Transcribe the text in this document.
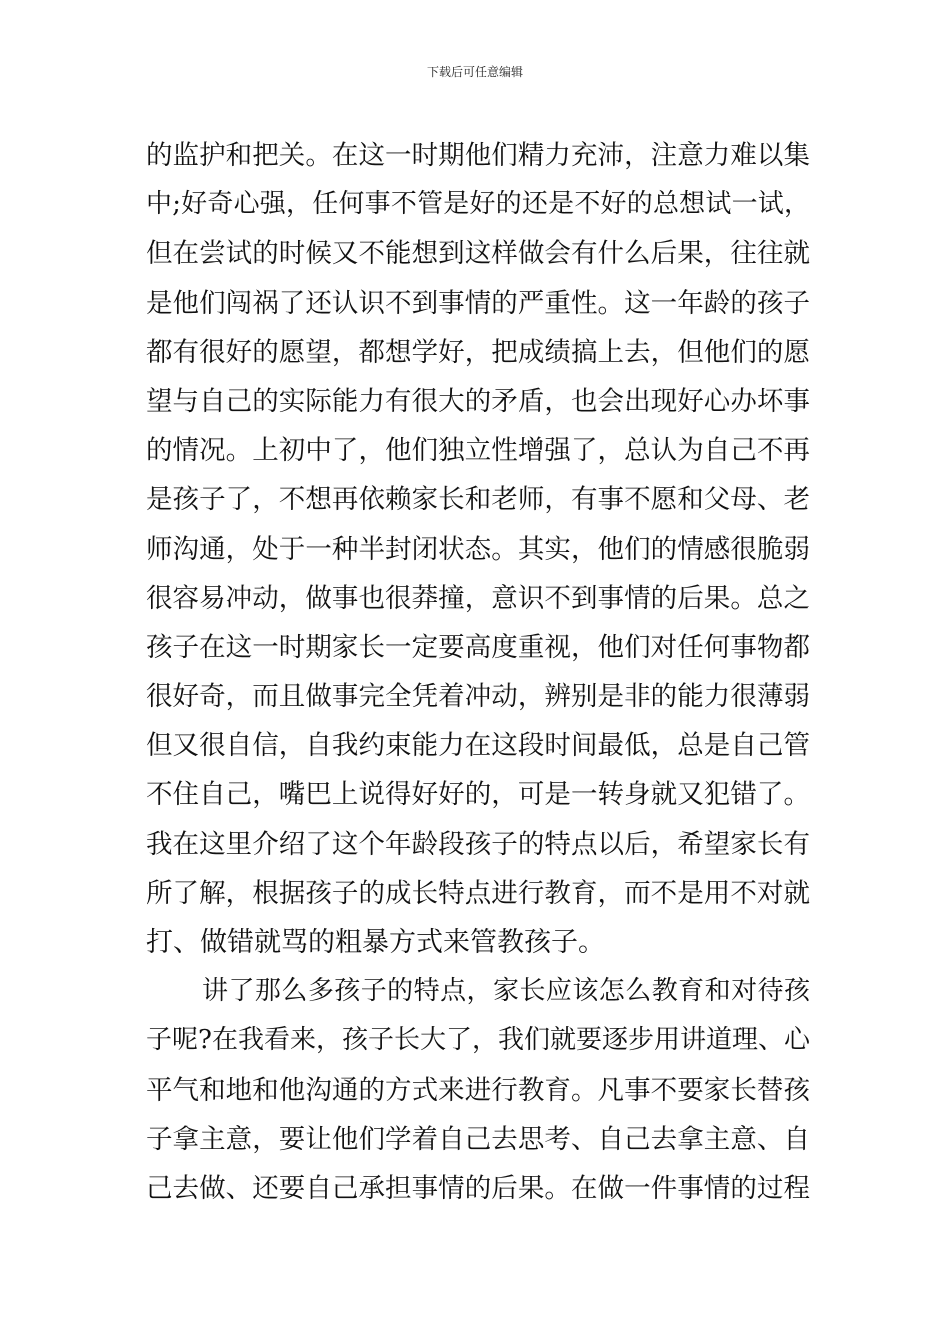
下载后可任意编辑
的监护和把关。在这一时期他们精力充沛，注意力难以集
中;好奇心强，任何事不管是好的还是不好的总想试一试，
但在尝试的时候又不能想到这样做会有什么后果，往往就
是他们闯祸了还认识不到事情的严重性。这一年龄的孩子
都有很好的愿望，都想学好，把成绩搞上去，但他们的愿
望与自己的实际能力有很大的矛盾，也会出现好心办坏事
的情况。上初中了，他们独立性增强了，总认为自己不再
是孩子了，不想再依赖家长和老师，有事不愿和父母、老
师沟通，处于一种半封闭状态。其实，他们的情感很脆弱
很容易冲动，做事也很莽撞，意识不到事情的后果。总之
孩子在这一时期家长一定要高度重视，他们对任何事物都
很好奇，而且做事完全凭着冲动，辨别是非的能力很薄弱
但又很自信，自我约束能力在这段时间最低，总是自己管
不住自己，嘴巴上说得好好的，可是一转身就又犯错了。
我在这里介绍了这个年龄段孩子的特点以后，希望家长有
所了解，根据孩子的成长特点进行教育，而不是用不对就
打、做错就骂的粗暴方式来管教孩子。
讲了那么多孩子的特点，家长应该怎么教育和对待孩
子呢?在我看来，孩子长大了，我们就要逐步用讲道理、心
平气和地和他沟通的方式来进行教育。凡事不要家长替孩
子拿主意，要让他们学着自己去思考、自己去拿主意、自
己去做、还要自己承担事情的后果。在做一件事情的过程
